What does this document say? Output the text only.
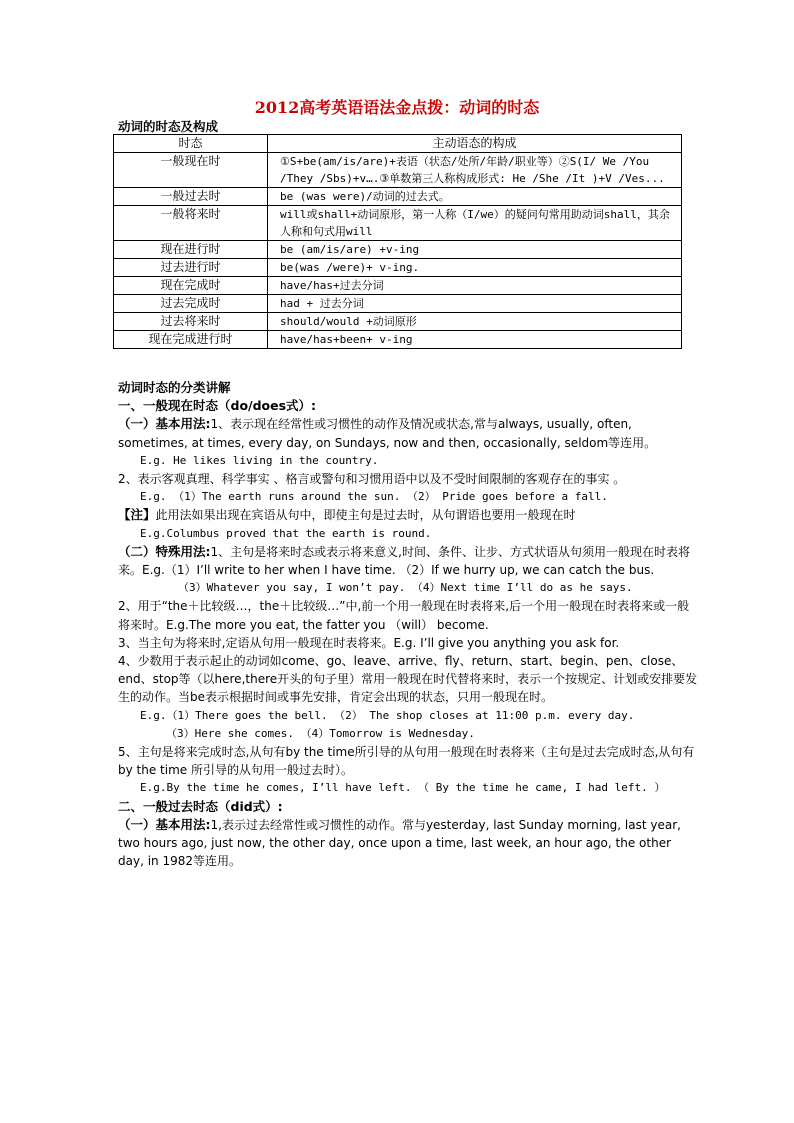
2012高考英语语法金点拨：动词的时态
动词的时态及构成
时态	主动语态的构成
一般现在时	①S+be(am/is/are)+表语（状态/处所/年龄/职业等）②S(I/ We /You /They /Sbs)+v….③单数第三人称构成形式: He /She /It )+V /Ves...
一般过去时	be (was were)/动词的过去式。
一般将来时	will或shall+动词原形，第一人称（I/we）的疑问句常用助动词shall，其余人称和句式用will
现在进行时	be (am/is/are) +v-ing
过去进行时	be(was /were)+ v-ing.
现在完成时	have/has+过去分词
过去完成时	had + 过去分词
过去将来时	should/would +动词原形
现在完成进行时	have/has+been+ v-ing

动词时态的分类讲解

一、一般现在时态（do/does式）:

（一）基本用法:1、表示现在经常性或习惯性的动作及情况或状态,常与always, usually, often, sometimes, at times, every day, on Sundays, now and then, occasionally, seldom等连用。

E.g. He likes living in the country.

2、表示客观真理、科学事实 、格言或警句和习惯用语中以及不受时间限制的客观存在的事实 。

E.g. （1）The earth runs around the sun. （2） Pride goes before a fall.

【注】此用法如果出现在宾语从句中，即使主句是过去时，从句谓语也要用一般现在时

E.g.Columbus proved that the earth is round.

（二）特殊用法:1、主句是将来时态或表示将来意义,时间、条件、让步、方式状语从句须用一般现在时表将来。E.g.（1）I’ll write to her when I have time. （2）If we hurry up, we can catch the bus.

（3）Whatever you say, I won’t pay. （4）Next time I’ll do as he says.

2、用于“the＋比较级…，the＋比较级…”中,前一个用一般现在时表将来,后一个用一般现在时表将来或一般将来时。E.g.The more you eat, the fatter you （will） become.

3、当主句为将来时,定语从句用一般现在时表将来。E.g. I’ll give you anything you ask for.

4、少数用于表示起止的动词如come、go、leave、arrive、fly、return、start、begin、pen、close、end、stop等（以here,there开头的句子里）常用一般现在时代替将来时，表示一个按规定、计划或安排要发生的动作。当be表示根据时间或事先安排，肯定会出现的状态，只用一般现在时。

E.g.（1）There goes the bell. （2） The shop closes at 11:00 p.m. every day.

（3）Here she comes. （4）Tomorrow is Wednesday.

5、主句是将来完成时态,从句有by the time所引导的从句用一般现在时表将来（主句是过去完成时态,从句有by the time 所引导的从句用一般过去时）。

E.g.By the time he comes, I’ll have left. （ By the time he came, I had left. ）

二、一般过去时态（did式）:

（一）基本用法:1,表示过去经常性或习惯性的动作。常与yesterday, last Sunday morning, last year, two hours ago, just now, the other day, once upon a time, last week, an hour ago, the other day, in 1982等连用。
